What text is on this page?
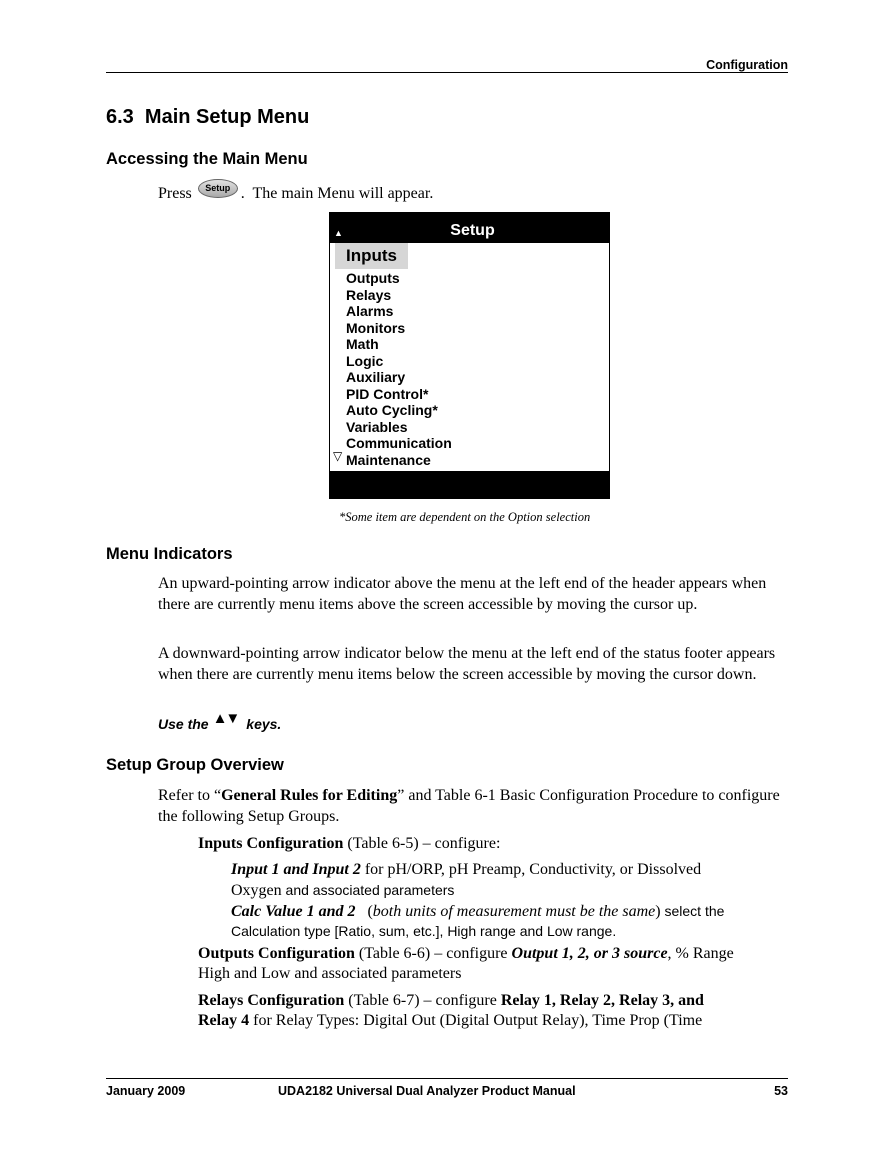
Configuration
6.3  Main Setup Menu
Accessing the Main Menu
Press Setup .  The main Menu will appear.
▲	Setup
Inputs
Outputs
Relays
Alarms
Monitors
Math
Logic
Auxiliary
PID Control*
Auto Cycling*
Variables
Communication
▽ Maintenance
*Some item are dependent on the Option selection
Menu Indicators
An upward-pointing arrow indicator above the menu at the left end of the header appears when there are currently menu items above the screen accessible by moving the cursor up.
A downward-pointing arrow indicator below the menu at the left end of the status footer appears when there are currently menu items below the screen accessible by moving the cursor down.
Use the ▲▼ keys.
Setup Group Overview
Refer to “General Rules for Editing” and Table 6-1 Basic Configuration Procedure to configure the following Setup Groups.
Inputs Configuration (Table 6-5) – configure:
Input 1 and Input 2 for pH/ORP, pH Preamp, Conductivity, or Dissolved
Oxygen and associated parameters
Calc Value 1 and 2   (both units of measurement must be the same) select the
Calculation type [Ratio, sum, etc.], High range and Low range.
Outputs Configuration (Table 6-6) – configure Output 1, 2, or 3 source, % Range
High and Low and associated parameters
Relays Configuration (Table 6-7) – configure Relay 1, Relay 2, Relay 3, and
Relay 4 for Relay Types: Digital Out (Digital Output Relay), Time Prop (Time
January 2009	UDA2182 Universal Dual Analyzer Product Manual	53
